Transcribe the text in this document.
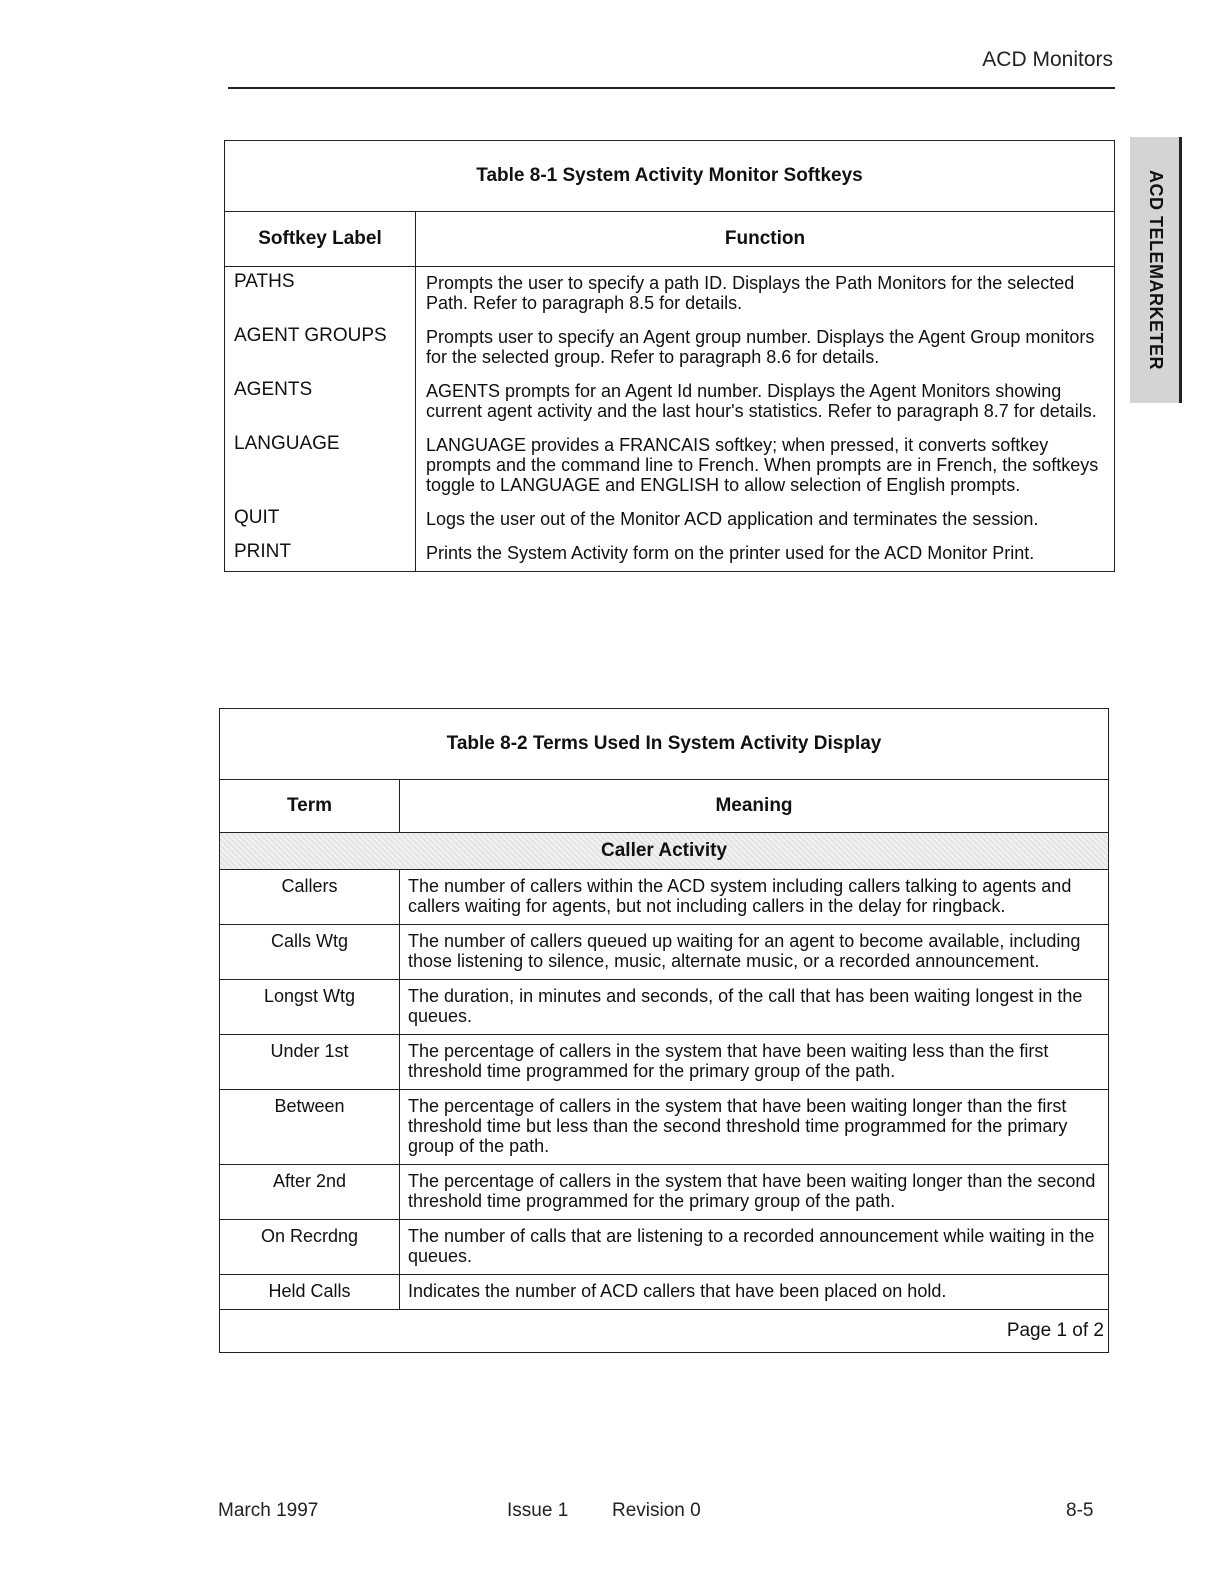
ACD Monitors
ACD TELEMARKETER
Table 8-1 System Activity Monitor Softkeys	
Softkey Label	Function
PATHS	Prompts the user to specify a path ID. Displays the Path Monitors for the selected Path. Refer to paragraph 8.5 for details.
AGENT GROUPS	Prompts user to specify an Agent group number. Displays the Agent Group monitors for the selected group. Refer to paragraph 8.6 for details.
AGENTS	AGENTS prompts for an Agent Id number. Displays the Agent Monitors showing current agent activity and the last hour's statistics. Refer to paragraph 8.7 for details.
LANGUAGE	LANGUAGE provides a FRANCAIS softkey; when pressed, it converts softkey prompts and the command line to French. When prompts are in French, the softkeys toggle to LANGUAGE and ENGLISH to allow selection of English prompts.
QUIT	Logs the user out of the Monitor ACD application and terminates the session.
PRINT	Prints the System Activity form on the printer used for the ACD Monitor Print.
Table 8-2 Terms Used In System Activity Display	
Term	Meaning
Caller Activity	
Callers	The number of callers within the ACD system including callers talking to agents and callers waiting for agents, but not including callers in the delay for ringback.
Calls Wtg	The number of callers queued up waiting for an agent to become available, including those listening to silence, music, alternate music, or a recorded announcement.
Longst Wtg	The duration, in minutes and seconds, of the call that has been waiting longest in the queues.
Under 1st	The percentage of callers in the system that have been waiting less than the first threshold time programmed for the primary group of the path.
Between	The percentage of callers in the system that have been waiting longer than the first threshold time but less than the second threshold time programmed for the primary group of the path.
After 2nd	The percentage of callers in the system that have been waiting longer than the second threshold time programmed for the primary group of the path.
On Recrdng	The number of calls that are listening to a recorded announcement while waiting in the queues.
Held Calls	Indicates the number of ACD callers that have been placed on hold.
Page 1 of 2	
March 1997	Issue 1 Revision 0	8-5
